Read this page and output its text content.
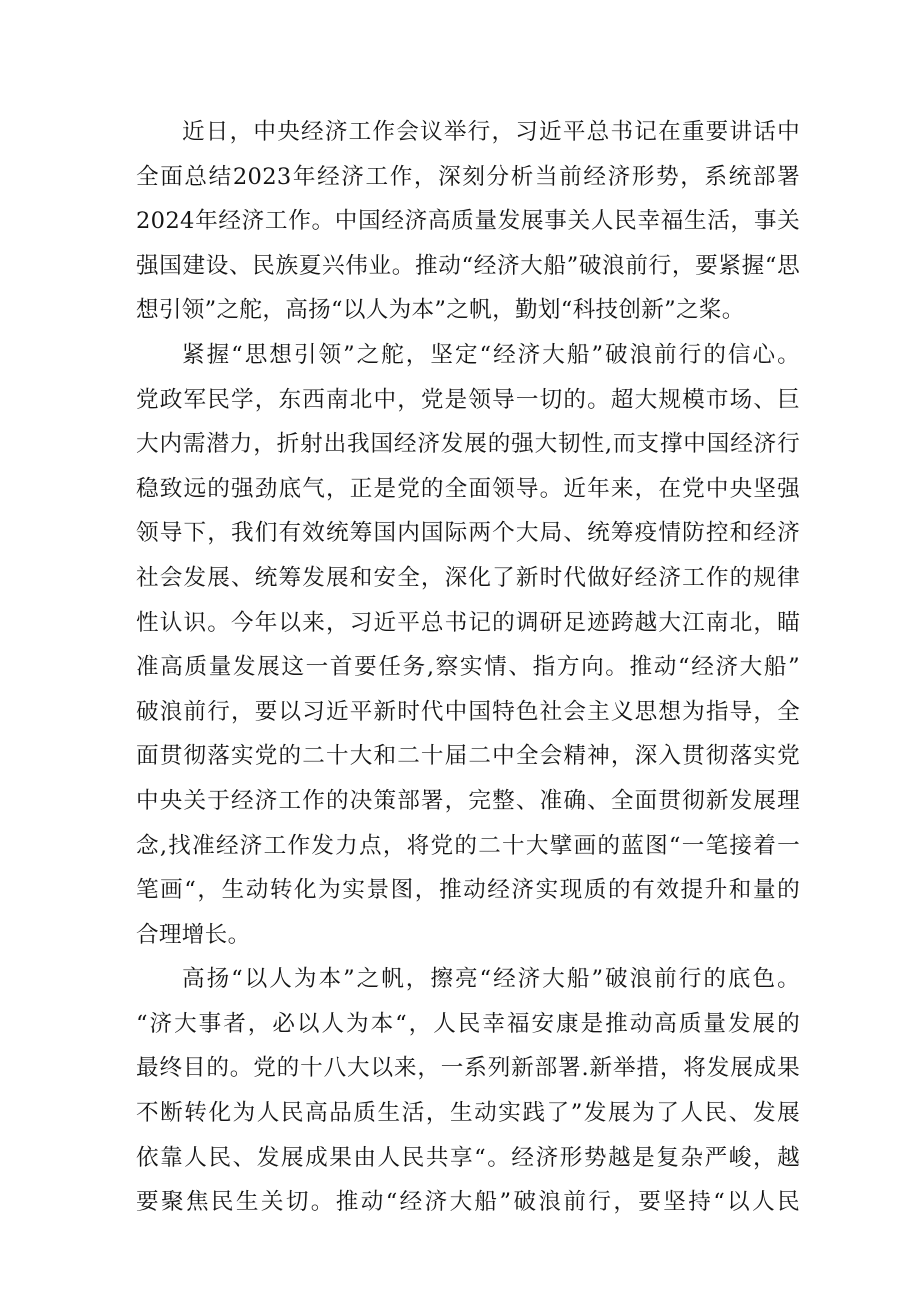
近日，中央经济工作会议举行，习近平总书记在重要讲话中
全面总结2023年经济工作，深刻分析当前经济形势，系统部署
2024年经济工作。中国经济高质量发展事关人民幸福生活，事关
强国建设、民族夏兴伟业。推动“经济大船”破浪前行，要紧握“思
想引领”之舵，高扬“以人为本”之帆，勤划“科技创新”之桨。
紧握“思想引领”之舵，坚定“经济大船”破浪前行的信心。
党政军民学，东西南北中，党是领导一切的。超大规模市场、巨
大内需潜力，折射出我国经济发展的强大韧性,而支撑中国经济行
稳致远的强劲底气，正是党的全面领导。近年来，在党中央坚强
领导下，我们有效统筹国内国际两个大局、统筹疫情防控和经济
社会发展、统筹发展和安全，深化了新时代做好经济工作的规律
性认识。今年以来，习近平总书记的调研足迹跨越大江南北，瞄
准高质量发展这一首要任务,察实情、指方向。推动“经济大船”
破浪前行，要以习近平新时代中国特色社会主义思想为指导，全
面贯彻落实党的二十大和二十届二中全会精神，深入贯彻落实党
中央关于经济工作的决策部署，完整、准确、全面贯彻新发展理
念,找准经济工作发力点，将党的二十大擘画的蓝图“一笔接着一
笔画“，生动转化为实景图，推动经济实现质的有效提升和量的
合理增长。
高扬“以人为本”之帆，擦亮“经济大船”破浪前行的底色。
“济大事者，必以人为本“，人民幸福安康是推动高质量发展的
最终目的。党的十八大以来，一系列新部署.新举措，将发展成果
不断转化为人民高品质生活，生动实践了”发展为了人民、发展
依靠人民、发展成果由人民共享“。经济形势越是复杂严峻，越
要聚焦民生关切。推动“经济大船”破浪前行，要坚持“以人民
